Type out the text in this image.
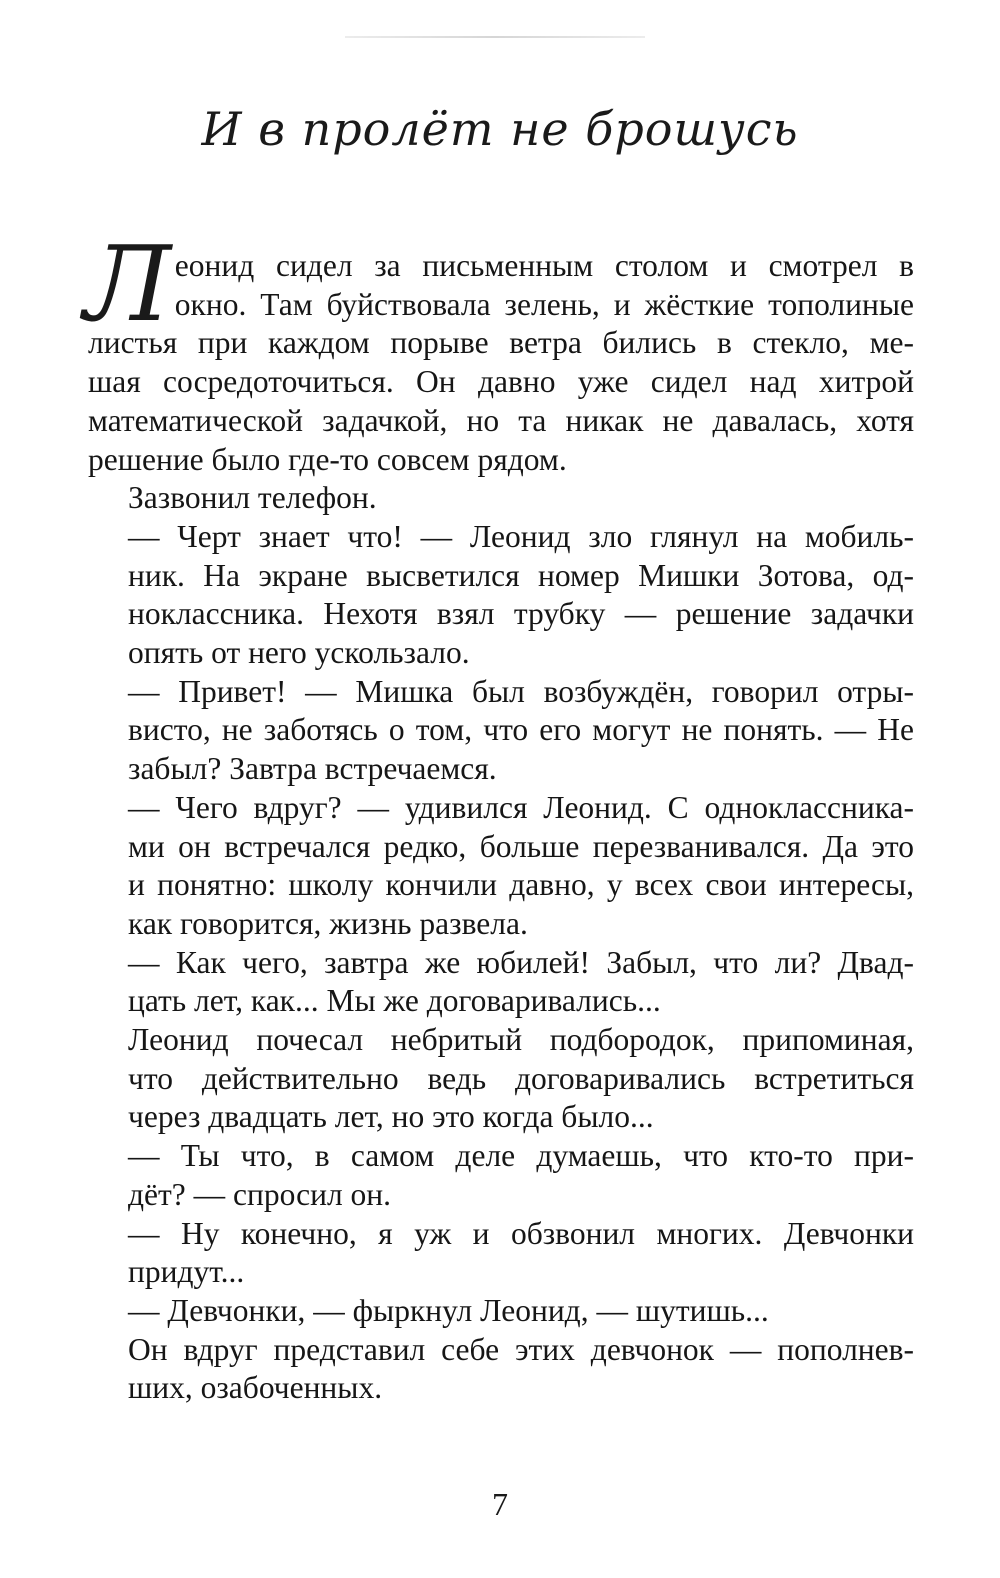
И в пролёт не брошусь

Л еонид сидел за письменным столом и смотрел в
окно. Там буйствовала зелень, и жёсткие тополиные
листья при каждом порыве ветра бились в стекло, ме-
шая сосредоточиться. Он давно уже сидел над хитрой
математической задачкой, но та никак не давалась, хотя
решение было где-то совсем рядом.

Зазвонил телефон.

— Черт знает что! — Леонид зло глянул на мобиль-
ник. На экране высветился номер Мишки Зотова, од-
ноклассника. Нехотя взял трубку — решение задачки
опять от него ускользало.

— Привет! — Мишка был возбуждён, говорил отры-
висто, не заботясь о том, что его могут не понять. — Не
забыл? Завтра встречаемся.

— Чего вдруг? — удивился Леонид. С одноклассника-
ми он встречался редко, больше перезванивался. Да это
и понятно: школу кончили давно, у всех свои интересы,
как говорится, жизнь развела.

— Как чего, завтра же юбилей! Забыл, что ли? Двад-
цать лет, как... Мы же договаривались...

Леонид почесал небритый подбородок, припоминая,
что действительно ведь договаривались встретиться
через двадцать лет, но это когда было...

— Ты что, в самом деле думаешь, что кто-то при-
дёт? — спросил он.

— Ну конечно, я уж и обзвонил многих. Девчонки
придут...

— Девчонки, — фыркнул Леонид, — шутишь...

Он вдруг представил себе этих девчонок — пополнев-
ших, озабоченных.

7
